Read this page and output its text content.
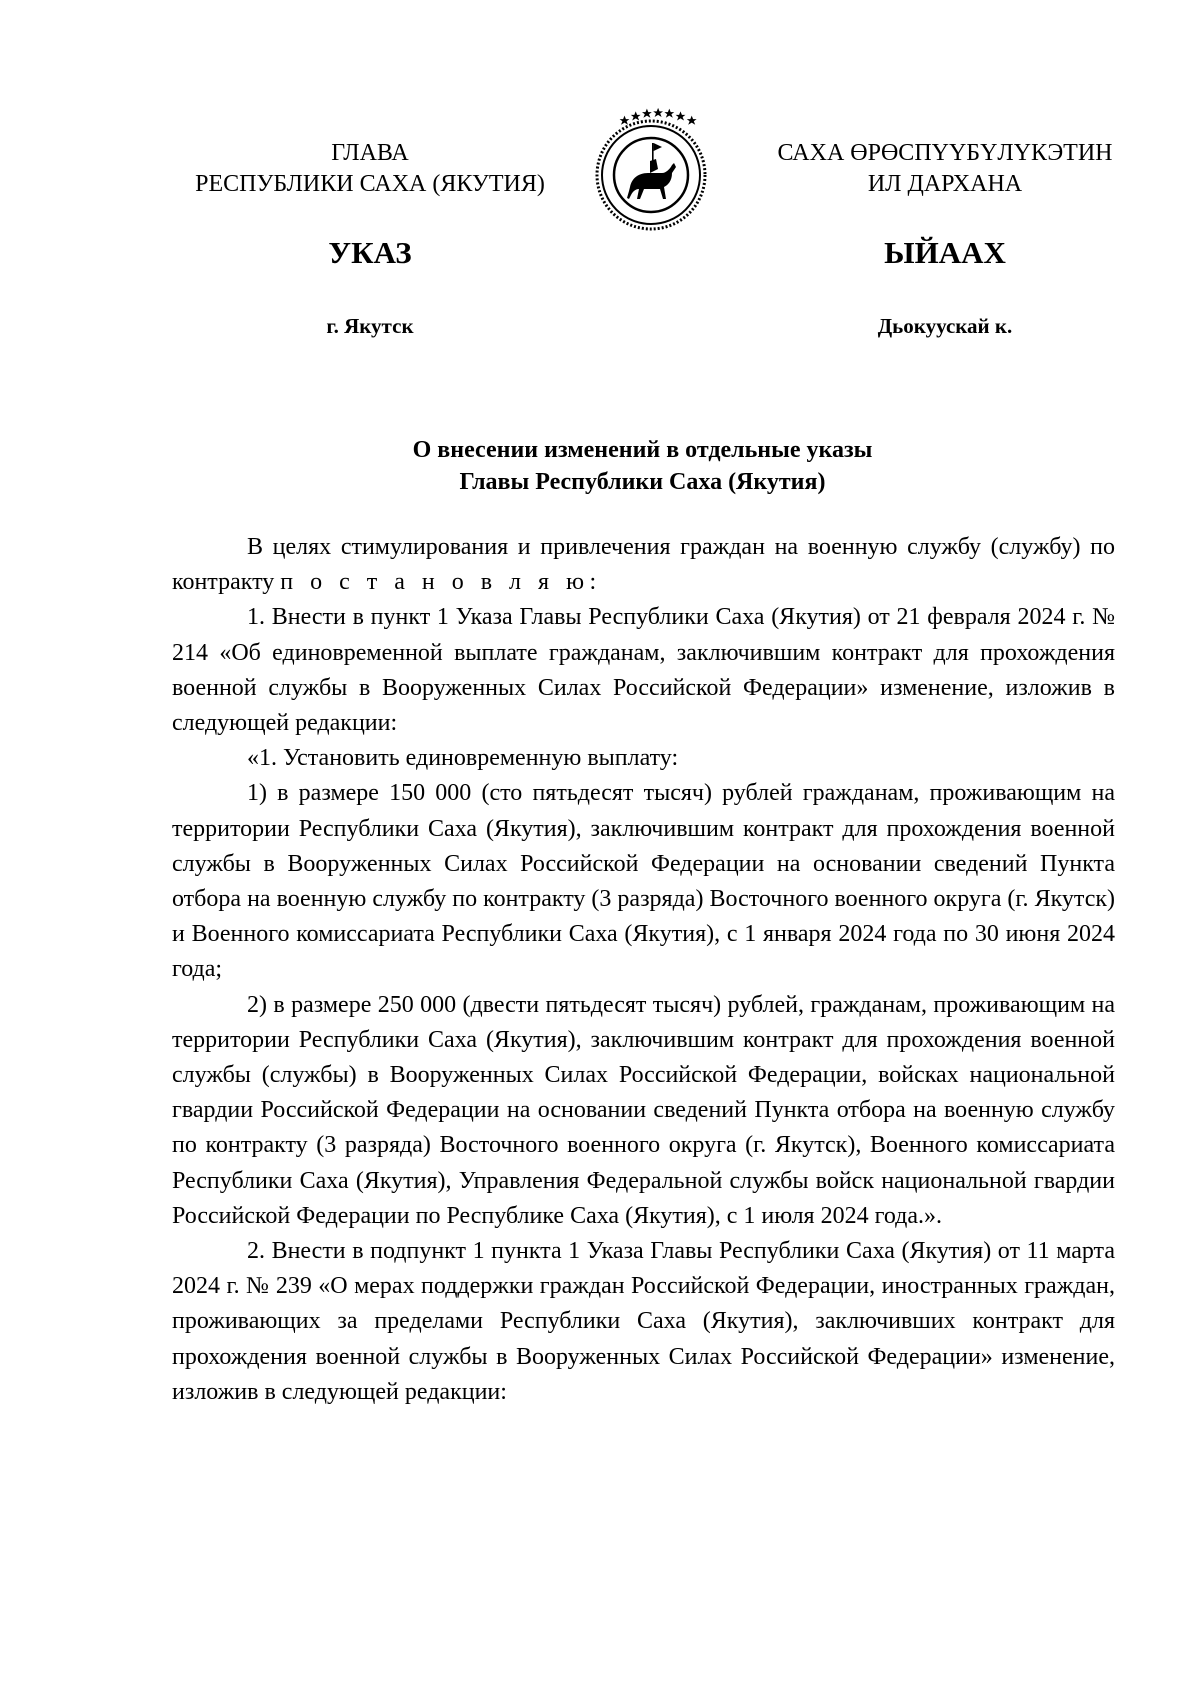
ГЛАВА
РЕСПУБЛИКИ САХА (ЯКУТИЯ)
САХА ӨРӨСПҮҮБҮЛҮКЭТИН
ИЛ ДАРХАНА
УКАЗ	ЫЙААХ
г. Якутск	Дьокуускай к.
О внесении изменений в отдельные указы
Главы Республики Саха (Якутия)

В целях стимулирования и привлечения граждан на военную службу (службу) по контракту п о с т а н о в л я ю:

1. Внести в пункт 1 Указа Главы Республики Саха (Якутия) от 21 февраля 2024 г. № 214 «Об единовременной выплате гражданам, заключившим контракт для прохождения военной службы в Вооруженных Силах Российской Федерации» изменение, изложив в следующей редакции:

«1. Установить единовременную выплату:

1) в размере 150 000 (сто пятьдесят тысяч) рублей гражданам, проживающим на территории Республики Саха (Якутия), заключившим контракт для прохождения военной службы в Вооруженных Силах Российской Федерации на основании сведений Пункта отбора на военную службу по контракту (3 разряда) Восточного военного округа (г. Якутск) и Военного комиссариата Республики Саха (Якутия), с 1 января 2024 года по 30 июня 2024 года;

2) в размере 250 000 (двести пятьдесят тысяч) рублей, гражданам, проживающим на территории Республики Саха (Якутия), заключившим контракт для прохождения военной службы (службы) в Вооруженных Силах Российской Федерации, войсках национальной гвардии Российской Федерации на основании сведений Пункта отбора на военную службу по контракту (3 разряда) Восточного военного округа (г. Якутск), Военного комиссариата Республики Саха (Якутия), Управления Федеральной службы войск национальной гвардии Российской Федерации по Республике Саха (Якутия), с 1 июля 2024 года.».

2. Внести в подпункт 1 пункта 1 Указа Главы Республики Саха (Якутия) от 11 марта 2024 г. № 239 «О мерах поддержки граждан Российской Федерации, иностранных граждан, проживающих за пределами Республики Саха (Якутия), заключивших контракт для прохождения военной службы в Вооруженных Силах Российской Федерации» изменение, изложив в следующей редакции:
